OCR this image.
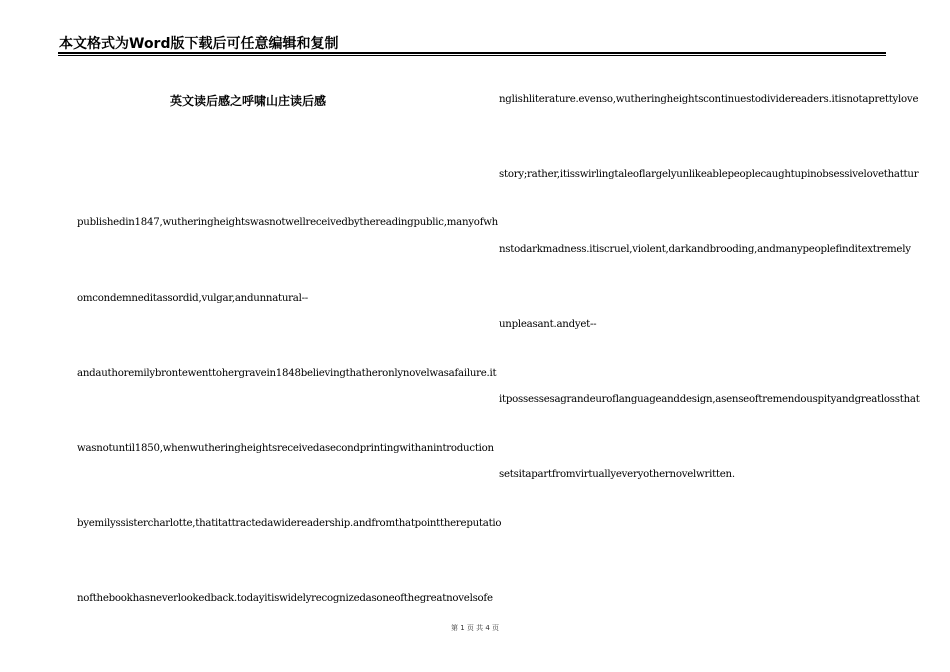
本文格式为Word版下载后可任意编辑和复制
英文读后感之呼啸山庄读后感
publishedin1847,wutheringheightswasnotwellreceivedbythereadingpublic,manyofwh
omcondemneditassordid,vulgar,andunnatural--
andauthoremilybrontewenttohergravein1848believingthatheronlynovelwasafailure.it
wasnotuntil1850,whenwutheringheightsreceivedasecondprintingwithanintroduction
byemilyssistercharlotte,thatitattractedawidereadership.andfromthatpointthereputatio
nofthebookhasneverlookedback.todayitiswidelyrecognizedasoneofthegreatnovelsofe
nglishliterature.evenso,wutheringheightscontinuestodividereaders.itisnotaprettylove
story;rather,itisswirlingtaleoflargelyunlikeablepeoplecaughtupinobsessivelovethattur
nstodarkmadness.itiscruel,violent,darkandbrooding,andmanypeoplefinditextremely
unpleasant.andyet--
itpossessesagrandeuroflanguageanddesign,asenseoftremendouspityandgreatlossthat
setsitapartfromvirtuallyeveryothernovelwritten.
第 1 页 共 4 页
